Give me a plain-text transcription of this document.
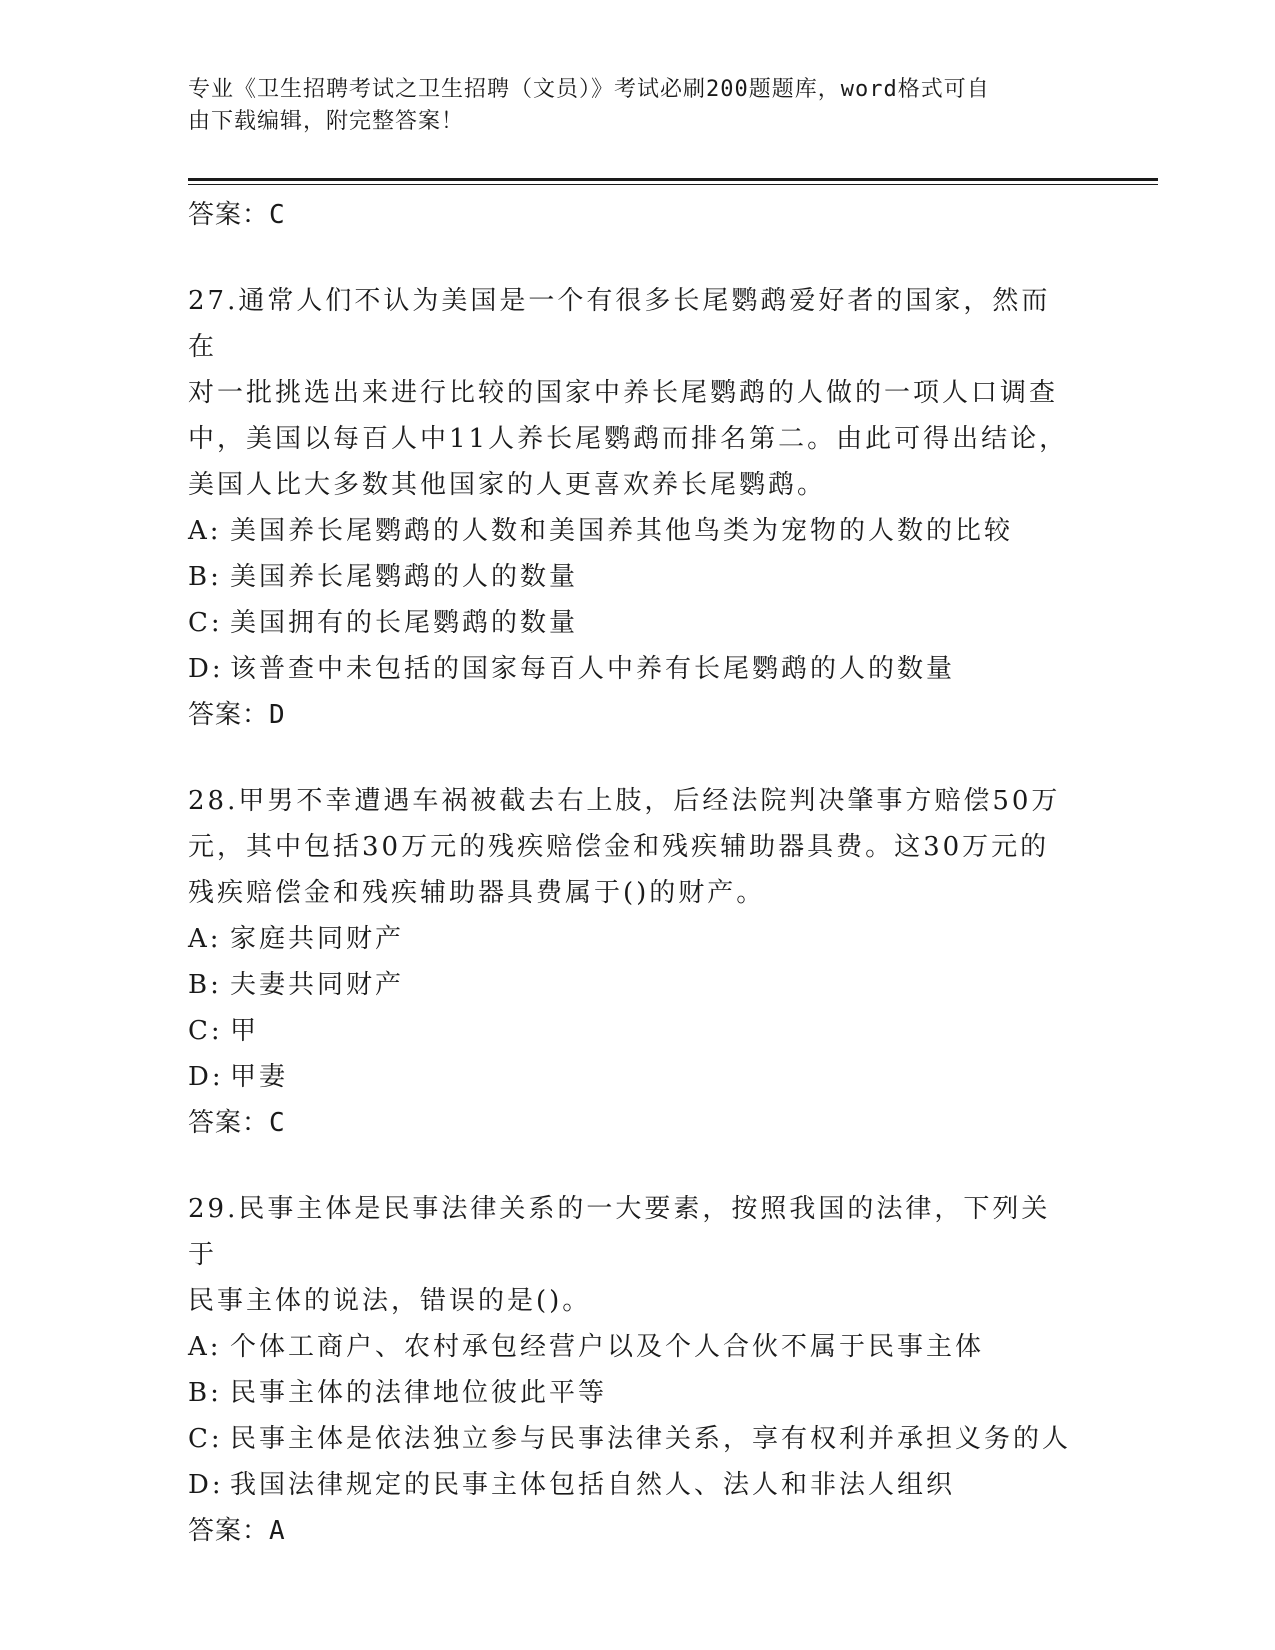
专业《卫生招聘考试之卫生招聘（文员）》考试必刷200题题库，word格式可自
由下载编辑，附完整答案！
答案：C
27.通常人们不认为美国是一个有很多长尾鹦鹉爱好者的国家，然而在
对一批挑选出来进行比较的国家中养长尾鹦鹉的人做的一项人口调查
中，美国以每百人中11人养长尾鹦鹉而排名第二。由此可得出结论，
美国人比大多数其他国家的人更喜欢养长尾鹦鹉。
A: 美国养长尾鹦鹉的人数和美国养其他鸟类为宠物的人数的比较
B: 美国养长尾鹦鹉的人的数量
C: 美国拥有的长尾鹦鹉的数量
D: 该普查中未包括的国家每百人中养有长尾鹦鹉的人的数量
答案：D
28.甲男不幸遭遇车祸被截去右上肢，后经法院判决肇事方赔偿50万
元，其中包括30万元的残疾赔偿金和残疾辅助器具费。这30万元的
残疾赔偿金和残疾辅助器具费属于()的财产。
A: 家庭共同财产
B: 夫妻共同财产
C: 甲
D: 甲妻
答案：C
29.民事主体是民事法律关系的一大要素，按照我国的法律，下列关于
民事主体的说法，错误的是()。
A: 个体工商户、农村承包经营户以及个人合伙不属于民事主体
B: 民事主体的法律地位彼此平等
C: 民事主体是依法独立参与民事法律关系，享有权利并承担义务的人
D: 我国法律规定的民事主体包括自然人、法人和非法人组织
答案：A
